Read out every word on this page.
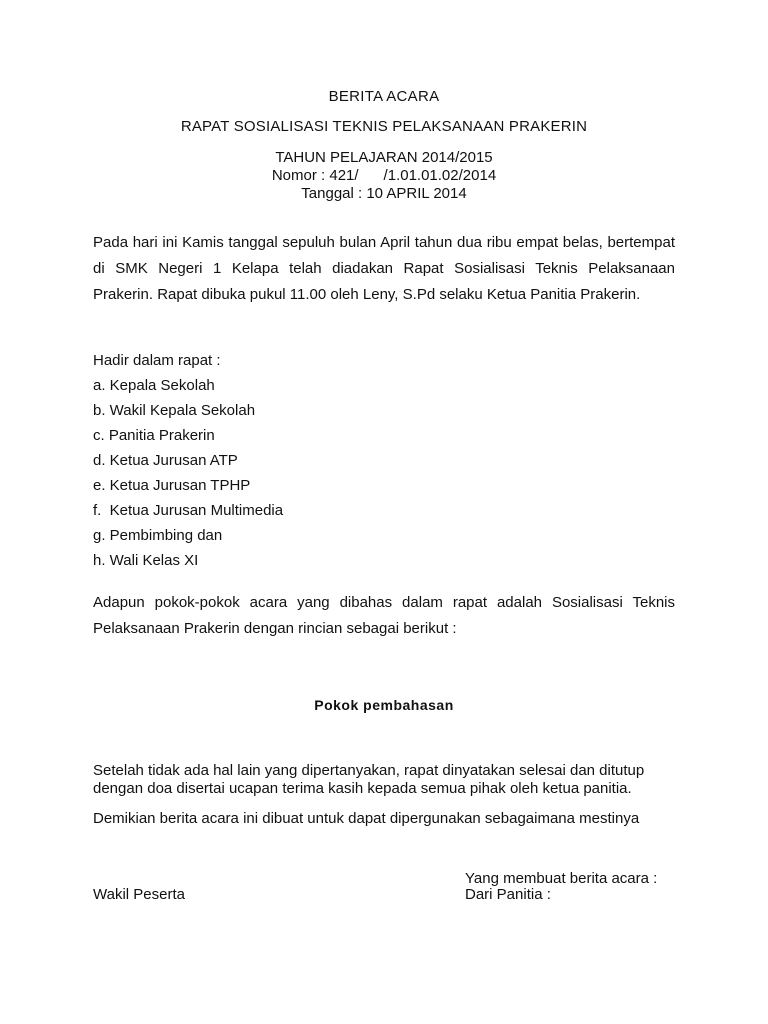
BERITA ACARA
RAPAT SOSIALISASI TEKNIS PELAKSANAAN PRAKERIN
TAHUN PELAJARAN 2014/2015
Nomor : 421/      /1.01.01.02/2014
Tanggal : 10 APRIL 2014
Pada hari ini Kamis tanggal sepuluh bulan April tahun dua ribu empat belas, bertempat di SMK Negeri 1 Kelapa telah diadakan Rapat Sosialisasi Teknis Pelaksanaan Prakerin. Rapat dibuka pukul 11.00 oleh Leny, S.Pd selaku Ketua Panitia Prakerin.
Hadir dalam rapat :
a. Kepala Sekolah
b. Wakil Kepala Sekolah
c. Panitia Prakerin
d. Ketua Jurusan ATP
e. Ketua Jurusan TPHP
f.  Ketua Jurusan Multimedia
g. Pembimbing dan
h. Wali Kelas XI
Adapun pokok-pokok acara yang dibahas dalam rapat adalah Sosialisasi Teknis Pelaksanaan Prakerin dengan rincian sebagai berikut :
Pokok pembahasan
Setelah tidak ada hal lain yang dipertanyakan, rapat dinyatakan selesai dan ditutup dengan doa disertai ucapan terima kasih kepada semua pihak oleh ketua panitia.
Demikian berita acara ini dibuat untuk dapat dipergunakan sebagaimana mestinya
Yang membuat berita acara :
Dari Panitia :
Wakil Peserta
